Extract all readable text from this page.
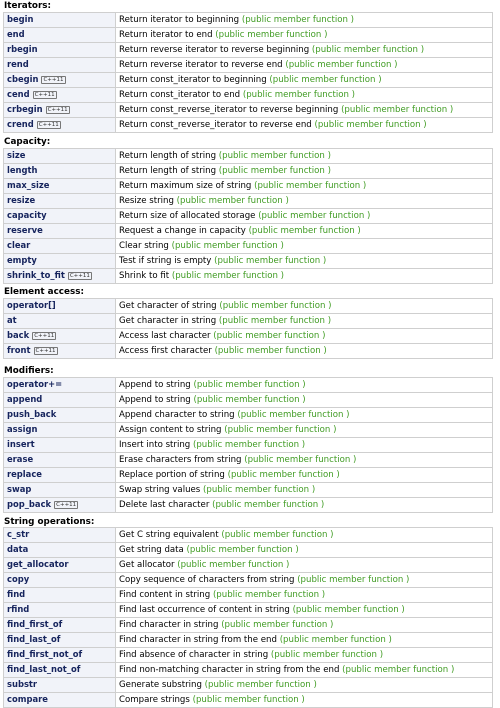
Iterators:
begin	Return iterator to beginning (public member function )
end	Return iterator to end (public member function )
rbegin	Return reverse iterator to reverse beginning (public member function )
rend	Return reverse iterator to reverse end (public member function )
cbegin C++11	Return const_iterator to beginning (public member function )
cend C++11	Return const_iterator to end (public member function )
crbegin C++11	Return const_reverse_iterator to reverse beginning (public member function )
crend C++11	Return const_reverse_iterator to reverse end (public member function )
Capacity:
size	Return length of string (public member function )
length	Return length of string (public member function )
max_size	Return maximum size of string (public member function )
resize	Resize string (public member function )
capacity	Return size of allocated storage (public member function )
reserve	Request a change in capacity (public member function )
clear	Clear string (public member function )
empty	Test if string is empty (public member function )
shrink_to_fit C++11	Shrink to fit (public member function )
Element access:
operator[]	Get character of string (public member function )
at	Get character in string (public member function )
back C++11	Access last character (public member function )
front C++11	Access first character (public member function )
Modifiers:
operator+=	Append to string (public member function )
append	Append to string (public member function )
push_back	Append character to string (public member function )
assign	Assign content to string (public member function )
insert	Insert into string (public member function )
erase	Erase characters from string (public member function )
replace	Replace portion of string (public member function )
swap	Swap string values (public member function )
pop_back C++11	Delete last character (public member function )
String operations:
c_str	Get C string equivalent (public member function )
data	Get string data (public member function )
get_allocator	Get allocator (public member function )
copy	Copy sequence of characters from string (public member function )
find	Find content in string (public member function )
rfind	Find last occurrence of content in string (public member function )
find_first_of	Find character in string (public member function )
find_last_of	Find character in string from the end (public member function )
find_first_not_of	Find absence of character in string (public member function )
find_last_not_of	Find non-matching character in string from the end (public member function )
substr	Generate substring (public member function )
compare	Compare strings (public member function )
